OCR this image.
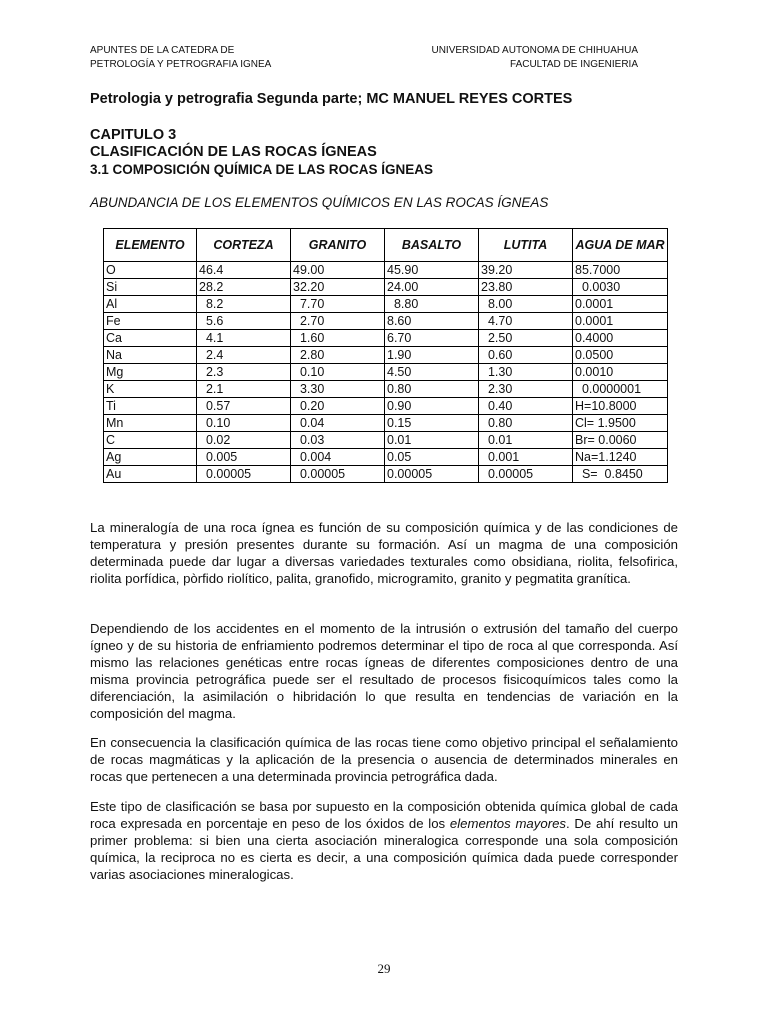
APUNTES DE LA CATEDRA DE
PETROLOGÍA Y PETROGRAFIA IGNEA
UNIVERSIDAD AUTONOMA DE CHIHUAHUA
FACULTAD DE INGENIERIA
Petrologia y petrografia Segunda parte; MC MANUEL REYES CORTES
CAPITULO 3
CLASIFICACIÓN DE LAS ROCAS ÍGNEAS
3.1 COMPOSICIÓN QUÍMICA DE LAS ROCAS ÍGNEAS
ABUNDANCIA DE LOS ELEMENTOS QUÍMICOS EN LAS ROCAS ÍGNEAS
ELEMENTO	CORTEZA	GRANITO	BASALTO	LUTITA	AGUA DE MAR
O	46.4	49.00	45.90	39.20	85.7000
Si	28.2	32.20	24.00	23.80	0.0030
Al	8.2	7.70	8.80	8.00	0.0001
Fe	5.6	2.70	8.60	4.70	0.0001
Ca	4.1	1.60	6.70	2.50	0.4000
Na	2.4	2.80	1.90	0.60	0.0500
Mg	2.3	0.10	4.50	1.30	0.0010
K	2.1	3.30	0.80	2.30	0.0000001
Ti	0.57	0.20	0.90	0.40	H=10.8000
Mn	0.10	0.04	0.15	0.80	Cl= 1.9500
C	0.02	0.03	0.01	0.01	Br= 0.0060
Ag	0.005	0.004	0.05	0.001	Na=1.1240
Au	0.00005	0.00005	0.00005	0.00005	S=  0.8450
La mineralogía de una roca ígnea es función de su composición química y de las condiciones de temperatura y presión presentes durante su formación. Así un magma de una composición determinada puede dar lugar a diversas variedades texturales como obsidiana, riolita, felsofirica, riolita porfídica, pòrfido riolítico, palita, granofido, microgramito, granito y pegmatita granítica.
Dependiendo de los accidentes en el momento de la intrusión o extrusión del tamaño del cuerpo ígneo y de su historia de enfriamiento podremos determinar el tipo de roca al que corresponda. Así mismo las relaciones genéticas entre rocas ígneas de diferentes composiciones dentro de una misma provincia petrográfica puede ser el resultado de procesos fisicoquímicos tales como la diferenciación, la asimilación o hibridación lo que resulta en tendencias de variación en la composición del magma.
En consecuencia la clasificación química de las rocas tiene como objetivo principal el señalamiento de rocas magmáticas y la aplicación de la presencia o ausencia de determinados minerales en rocas que pertenecen a una determinada provincia petrográfica dada.
Este tipo de clasificación se basa por supuesto en la composición obtenida química global de cada roca expresada en porcentaje en peso de los óxidos de los elementos mayores. De ahí resulto un primer problema: si bien una cierta asociación mineralogica corresponde una sola composición química, la reciproca no es cierta es decir, a una composición química dada puede corresponder varias asociaciones mineralogicas.
29
